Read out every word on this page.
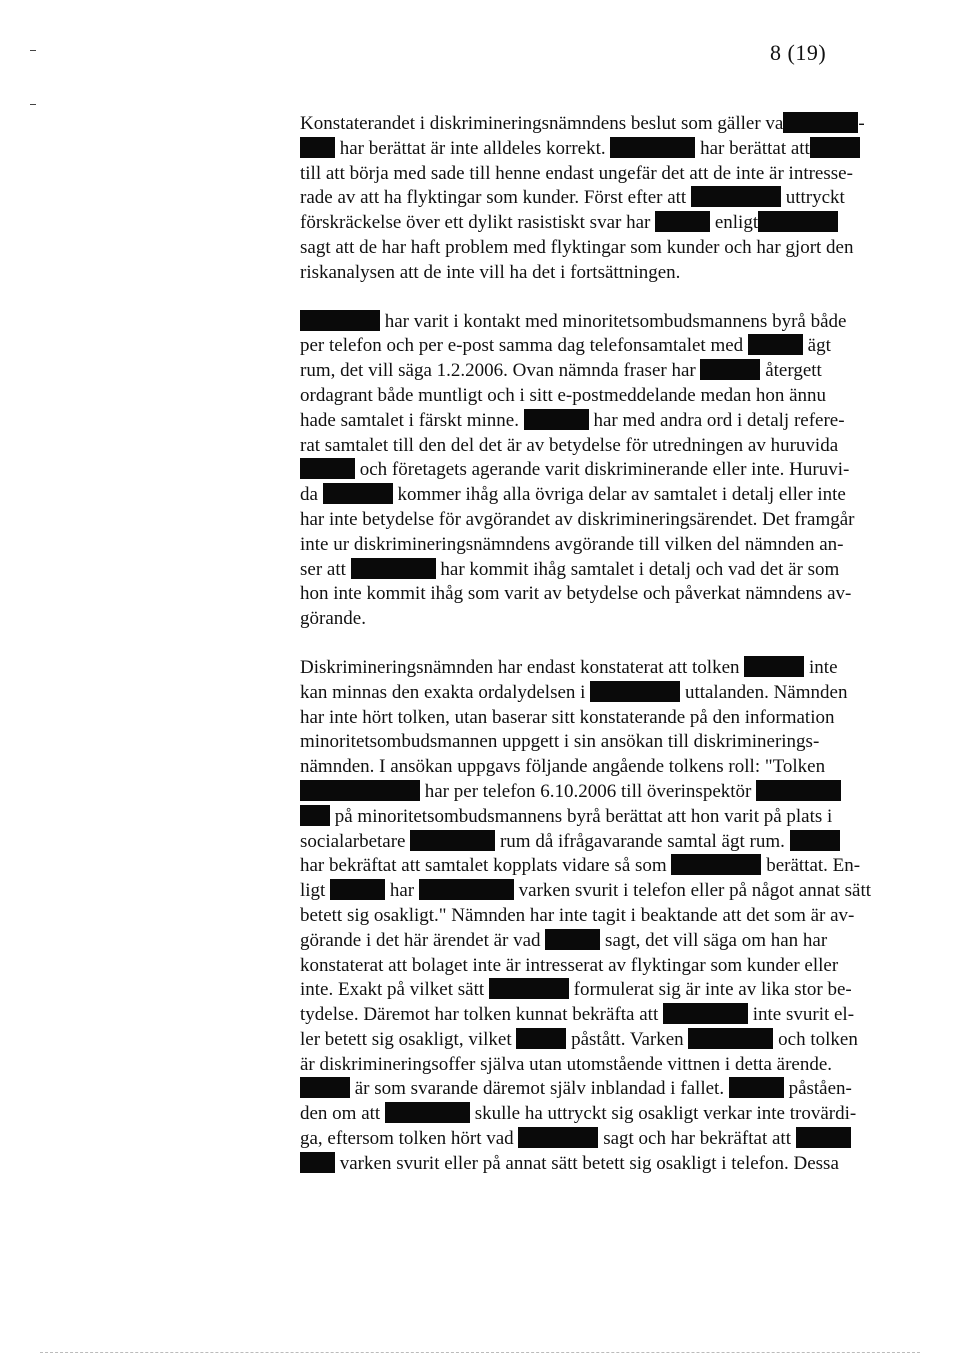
8 (19)

Konstaterandet i diskrimineringsnämndens beslut som gäller va	-
har berättat är inte alldeles korrekt.	har berättat att
till att börja med sade till henne endast ungefär det att de inte är intresse-
rade av att ha flyktingar som kunder. Först efter att	uttryckt
förskräckelse över ett dylikt rasistiskt svar har	enligt
sagt att de har haft problem med flyktingar som kunder och har gjort den
riskanalysen att de inte vill ha det i fortsättningen.

har varit i kontakt med minoritetsombudsmannens byrå både
per telefon och per e-post samma dag telefonsamtalet med	ägt
rum, det vill säga 1.2.2006. Ovan nämnda fraser har	återgett
ordagrant både muntligt och i sitt e-postmeddelande medan hon ännu
hade samtalet i färskt minne.	har med andra ord i detalj refere-
rat samtalet till den del det är av betydelse för utredningen av huruvida
och företagets agerande varit diskriminerande eller inte. Huruvi-
da	kommer ihåg alla övriga delar av samtalet i detalj eller inte
har inte betydelse för avgörandet av diskrimineringsärendet. Det framgår
inte ur diskrimineringsnämndens avgörande till vilken del nämnden an-
ser att	har kommit ihåg samtalet i detalj och vad det är som
hon inte kommit ihåg som varit av betydelse och påverkat nämndens av-
görande.

Diskrimineringsnämnden har endast konstaterat att tolken	inte
kan minnas den exakta ordalydelsen i	uttalanden. Nämnden
har inte hört tolken, utan baserar sitt konstaterande på den information
minoritetsombudsmannen uppgett i sin ansökan till diskriminerings-
nämnden. I ansökan uppgavs följande angående tolkens roll: "Tolken
har per telefon 6.10.2006 till överinspektör
på minoritetsombudsmannens byrå berättat att hon varit på plats i
socialarbetare	rum då ifrågavarande samtal ägt rum.
har bekräftat att samtalet kopplats vidare så som	berättat. En-
ligt	har	varken svurit i telefon eller på något annat sätt
betett sig osakligt." Nämnden har inte tagit i beaktande att det som är av-
görande i det här ärendet är vad	sagt, det vill säga om han har
konstaterat att bolaget inte är intresserat av flyktingar som kunder eller
inte. Exakt på vilket sätt	formulerat sig är inte av lika stor be-
tydelse. Däremot har tolken kunnat bekräfta att	inte svurit el-
ler betett sig osakligt, vilket	påstått. Varken	och tolken
är diskrimineringsoffer själva utan utomstående vittnen i detta ärende.
är som svarande däremot själv inblandad i fallet.	påståen-
den om att	skulle ha uttryckt sig osakligt verkar inte trovärdi-
ga, eftersom tolken hört vad	sagt och har bekräftat att
varken svurit eller på annat sätt betett sig osakligt i telefon. Dessa
